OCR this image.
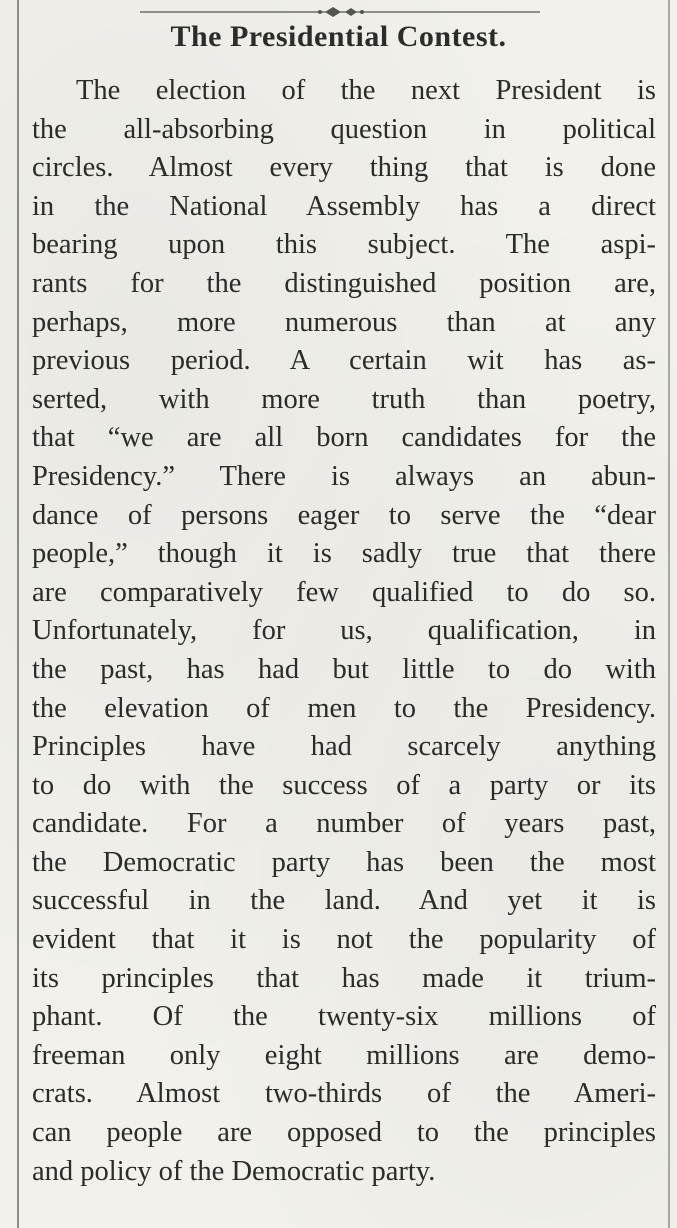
The Presidential Contest.
The election of the next President is
the all-absorbing question in political
circles. Almost every thing that is done
in the National Assembly has a direct
bearing upon this subject. The aspi-
rants for the distinguished position are,
perhaps, more numerous than at any
previous period. A certain wit has as-
serted, with more truth than poetry,
that “we are all born candidates for the
Presidency.” There is always an abun-
dance of persons eager to serve the “dear
people,” though it is sadly true that there
are comparatively few qualified to do so.
Unfortunately, for us, qualification, in
the past, has had but little to do with
the elevation of men to the Presidency.
Principles have had scarcely anything
to do with the success of a party or its
candidate. For a number of years past,
the Democratic party has been the most
successful in the land. And yet it is
evident that it is not the popularity of
its principles that has made it trium-
phant. Of the twenty-six millions of
freeman only eight millions are demo-
crats. Almost two-thirds of the Ameri-
can people are opposed to the principles
and policy of the Democratic party.
